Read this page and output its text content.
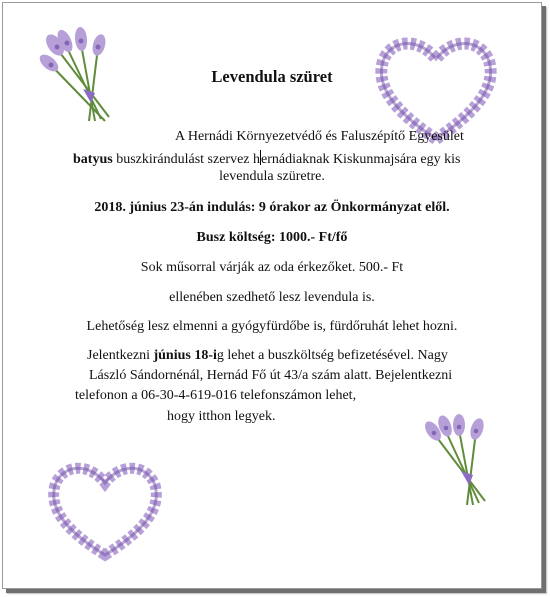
Levendula szüret
A Hernádi Környezetvédő és Faluszépítő Egyesület
batyus buszkirándulást szervez hernádiaknak Kiskunmajsára egy kis
levendula szüretre.
2018. június 23-án indulás: 9 órakor az Önkormányzat elől.
Busz költség: 1000.- Ft/fő
Sok műsorral várják az oda érkezőket. 500.- Ft
ellenében szedhető lesz levendula is.
Lehetőség lesz elmenni a gyógyfürdőbe is, fürdőruhát lehet hozni.
Jelentkezni június 18-ig lehet a buszköltség befizetésével. Nagy
László Sándornénál, Hernád Fő út 43/a szám alatt. Bejelentkezni
telefonon a 06-30-4-619-016 telefonszámon lehet,
hogy itthon legyek.
